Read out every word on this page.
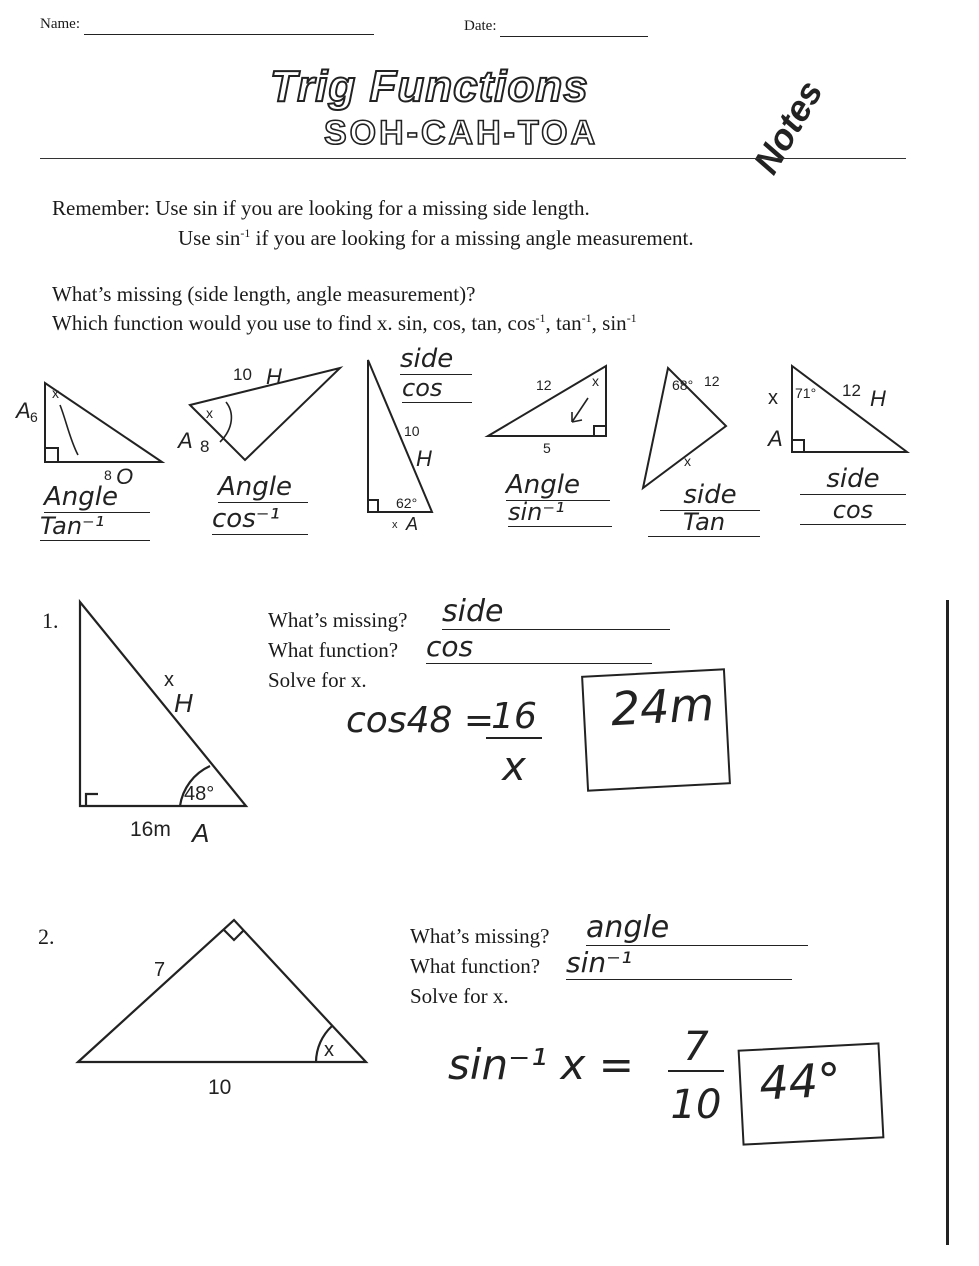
Name:	Date:
Trig Functions
SOH-CAH-TOA	Notes
Remember: Use sin if you are looking for a missing side length.
Use $\sin^{-1}$ if you are looking for a missing angle measurement.
What’s missing (side length, angle measurement)?
Which function would you use to find x. sin, cos, tan, $\cos^{-1}$, $\tan^{-1}$, $\sin^{-1}$
x
6
8
x
10
8
10
62°
x
x
12
5
68° 12
x
71° 12
x
A
O
H
A
H
A
H
A
Angle
Tan⁻¹
Angle
cos⁻¹
side
cos
Angle
sin⁻¹
side
Tan
side
cos
1.
x
48°
16m
H
A
What’s missing? side
What function? cos
Solve for x.
cos48 =
16
x
24m
2.
7
x
10
What’s missing? angle
What function? sin⁻¹
Solve for x.
sin⁻¹ x =	7
10 44°
